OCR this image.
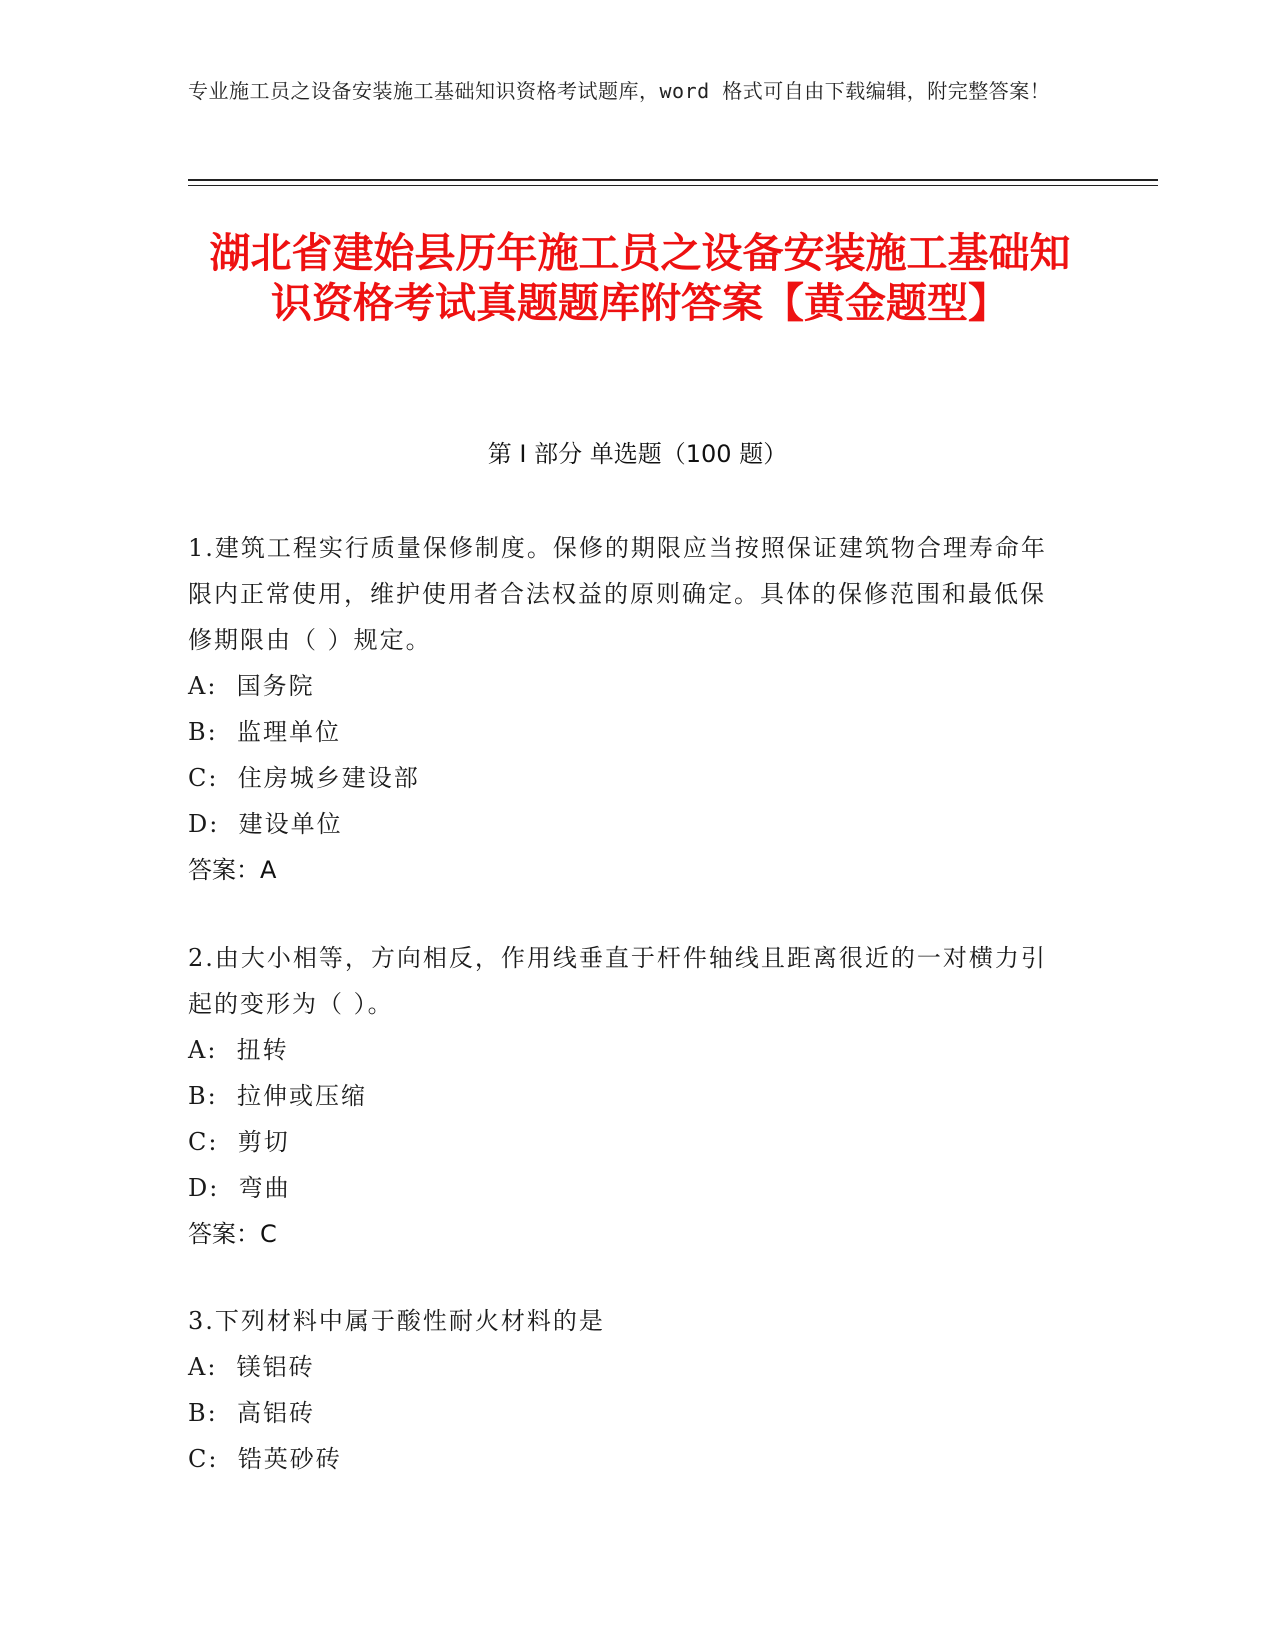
专业施工员之设备安装施工基础知识资格考试题库，word 格式可自由下载编辑，附完整答案！
湖北省建始县历年施工员之设备安装施工基础知识资格考试真题题库附答案【黄金题型】
第 I 部分 单选题（100 题）
1.建筑工程实行质量保修制度。保修的期限应当按照保证建筑物合理寿命年限内正常使用，维护使用者合法权益的原则确定。具体的保修范围和最低保修期限由（ ）规定。
A:  国务院
B:  监理单位
C:  住房城乡建设部
D:  建设单位
答案：A
2.由大小相等，方向相反，作用线垂直于杆件轴线且距离很近的一对横力引起的变形为（ ）。
A:  扭转
B:  拉伸或压缩
C:  剪切
D:  弯曲
答案：C
3.下列材料中属于酸性耐火材料的是
A:  镁铝砖
B:  高铝砖
C:  锆英砂砖
